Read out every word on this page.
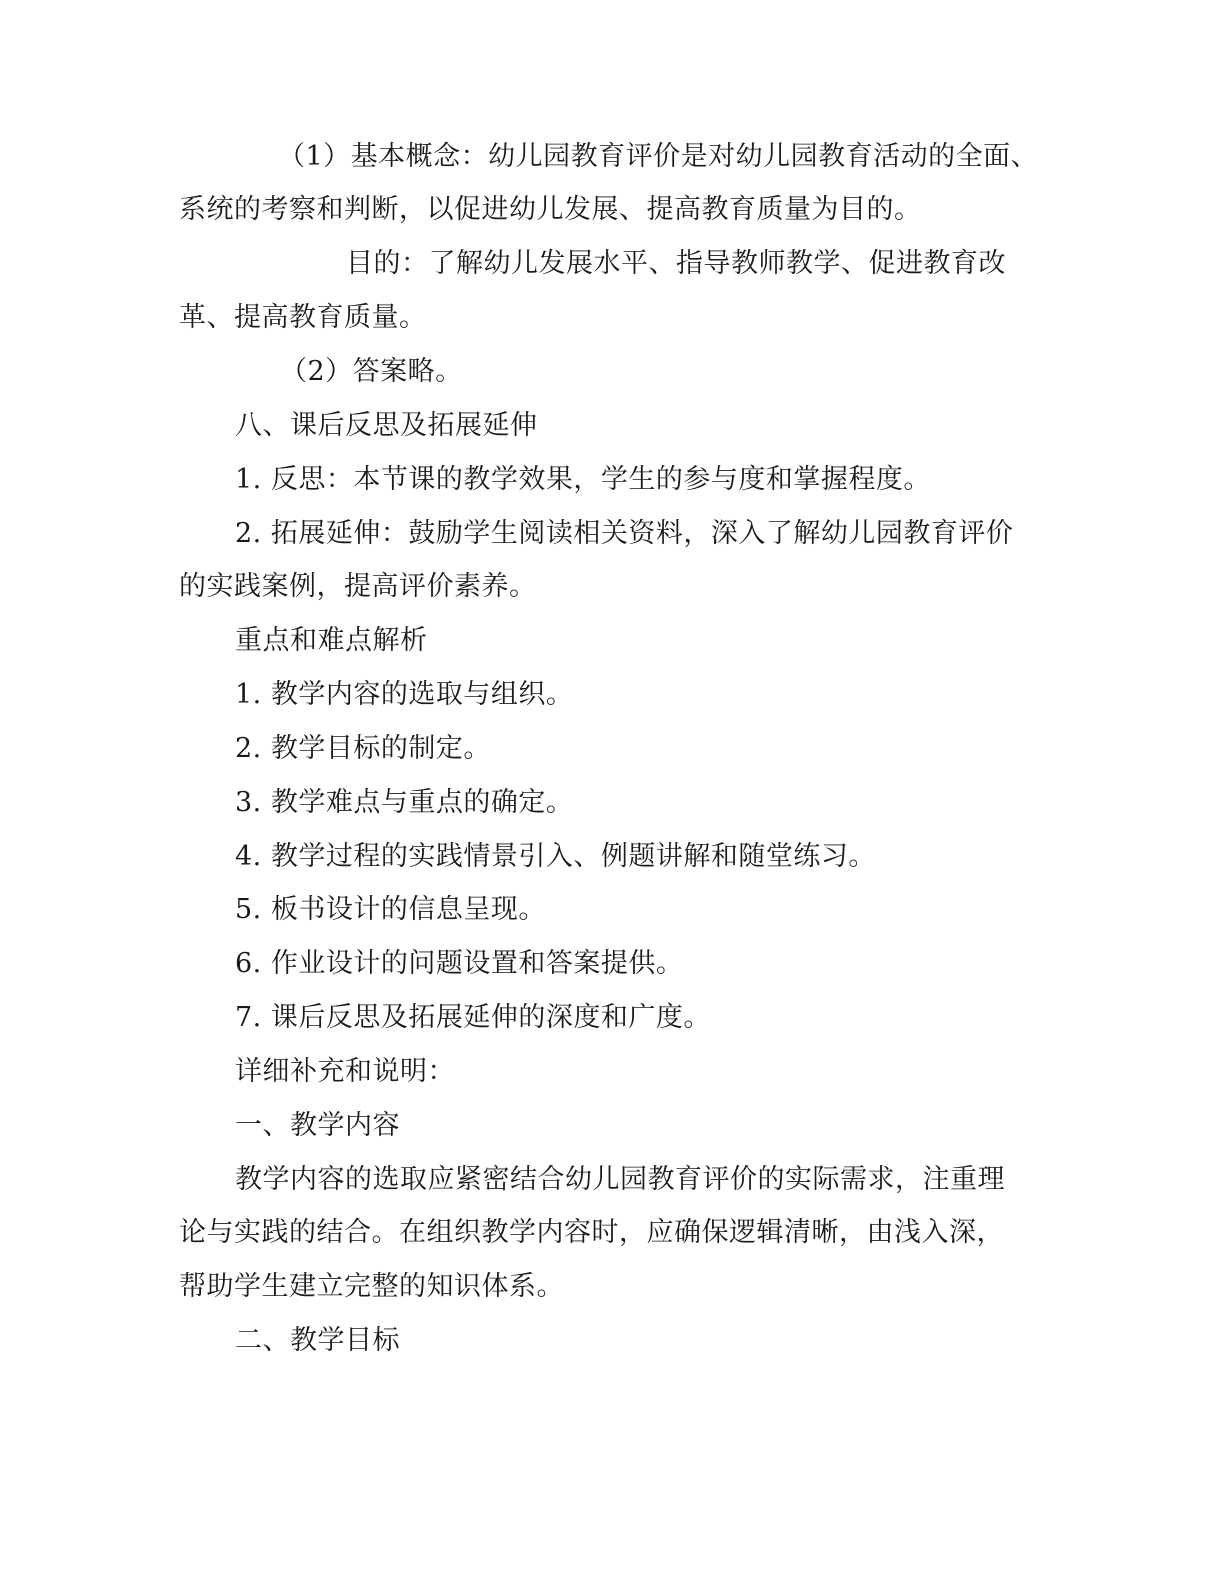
（1）基本概念：幼儿园教育评价是对幼儿园教育活动的全面、
系统的考察和判断，以促进幼儿发展、提高教育质量为目的。
目的：了解幼儿发展水平、指导教师教学、促进教育改
革、提高教育质量。
（2）答案略。
八、课后反思及拓展延伸
1. 反思：本节课的教学效果，学生的参与度和掌握程度。
2. 拓展延伸：鼓励学生阅读相关资料，深入了解幼儿园教育评价
的实践案例，提高评价素养。
重点和难点解析
1. 教学内容的选取与组织。
2. 教学目标的制定。
3. 教学难点与重点的确定。
4. 教学过程的实践情景引入、例题讲解和随堂练习。
5. 板书设计的信息呈现。
6. 作业设计的问题设置和答案提供。
7. 课后反思及拓展延伸的深度和广度。
详细补充和说明：
一、教学内容
教学内容的选取应紧密结合幼儿园教育评价的实际需求，注重理
论与实践的结合。在组织教学内容时，应确保逻辑清晰，由浅入深，
帮助学生建立完整的知识体系。
二、教学目标
